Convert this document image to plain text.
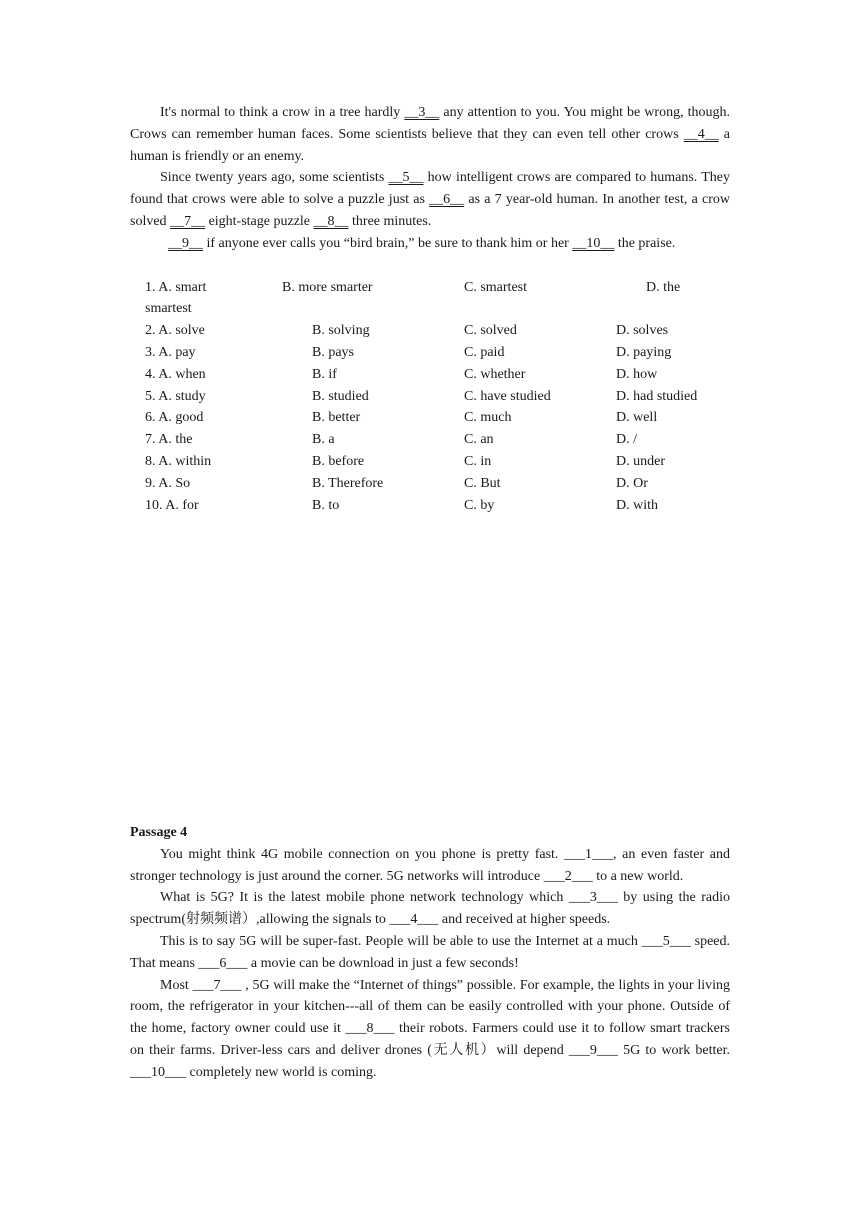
It's normal to think a crow in a tree hardly __3__ any attention to you. You might be wrong, though. Crows can remember human faces. Some scientists believe that they can even tell other crows __4__ a human is friendly or an enemy.

Since twenty years ago, some scientists __5__ how intelligent crows are compared to humans. They found that crows were able to solve a puzzle just as __6__ as a 7 year-old human. In another test, a crow solved __7__ eight-stage puzzle __8__ three minutes.

__9__ if anyone ever calls you “bird brain,” be sure to thank him or her __10__ the praise.

1. A. smart	B. more smarter	C. smartest	D. the
smartest
2. A. solve	B. solving	C. solved	D. solves
3. A. pay	B. pays	C. paid	D. paying
4. A. when	B. if	C. whether	D. how
5. A. study	B. studied	C. have studied	D. had studied
6. A. good	B. better	C. much	D. well
7. A. the	B. a	C. an	D. /
8. A. within	B. before	C. in	D. under
9. A. So	B. Therefore	C. But	D. Or
10. A. for	B. to	C. by	D. with

Passage 4

You might think 4G mobile connection on you phone is pretty fast. ___1___, an even faster and stronger technology is just around the corner. 5G networks will introduce ___2___ to a new world.

What is 5G? It is the latest mobile phone network technology which ___3___ by using the radio spectrum(射频频谱）,allowing the signals to ___4___ and received at higher speeds.

This is to say 5G will be super-fast. People will be able to use the Internet at a much ___5___ speed. That means ___6___ a movie can be download in just a few seconds!

Most ___7___ , 5G will make the “Internet of things” possible. For example, the lights in your living room, the refrigerator in your kitchen---all of them can be easily controlled with your phone. Outside of the home, factory owner could use it ___8___ their robots. Farmers could use it to follow smart trackers on their farms. Driver-less cars and deliver drones (无人机）will depend ___9___ 5G to work better. ___10___ completely new world is coming.
